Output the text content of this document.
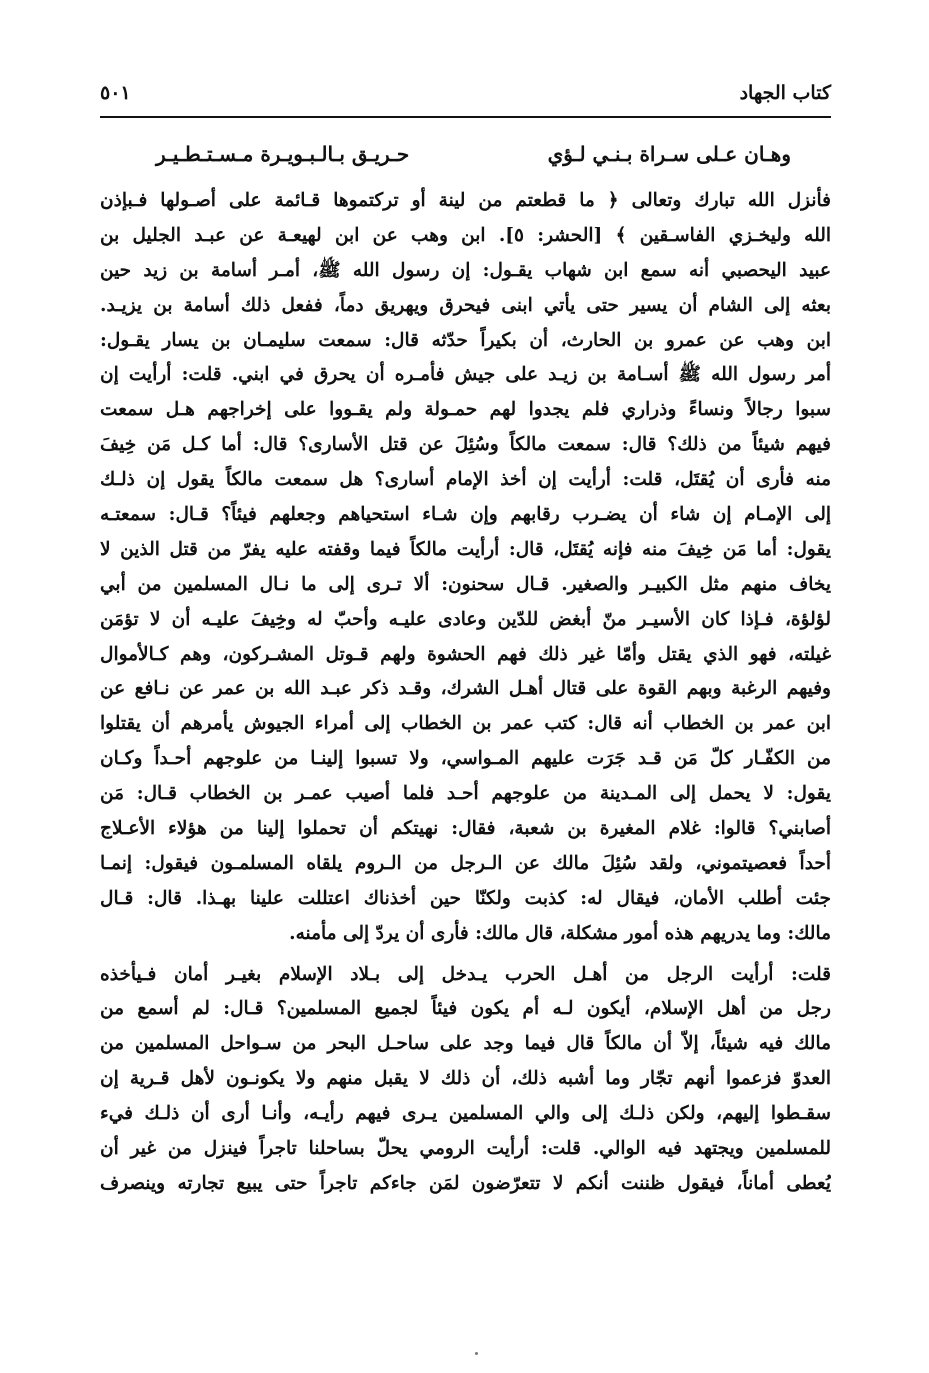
كتاب الجهاد
٥٠١
وهـان عـلى سـراة بـنـي لـؤي
حـريـق بـالـبـويـرة مـسـتـطـيـر
فأنزل الله تبارك وتعالى ﴿ ما قطعتم من لينة أو تركتموها قـائمة على أصـولها فـبإذن
الله وليخـزي الفاسـقين ﴾ [الحشر: ٥]. ابن وهب عن ابن لهيعـة عن عبـد الجليل بن
عبيد اليحصبي أنه سمع ابن شهاب يقـول: إن رسول الله ﷺ، أمـر أسامة بن زيد حين
بعثه إلى الشام أن يسير حتى يأتي ابنى فيحرق ويهريق دماً، ففعل ذلك أسامة بن يزيـد.
ابن وهب عن عمرو بن الحارث، أن بكيراً حدّثه قال: سمعت سليمـان بن يسار يقـول:
أمر رسول الله ﷺ أسـامة بن زيـد على جيش فأمـره أن يحرق في ابني. قلت: أرأيت إن
سبوا رجالاً ونساءً وذراري فلم يجدوا لهم حمـولة ولم يقـووا على إخراجهم هـل سمعت
فيهم شيئاً من ذلك؟ قال: سمعت مالكاً وسُئِلَ عن قتل الأسارى؟ قال: أما كـل مَن خِيفَ
منه فأرى أن يُقتَل، قلت: أرأيت إن أخذ الإمام أسارى؟ هل سمعت مالكاً يقول إن ذلـك
إلى الإمـام إن شاء أن يضـرب رقابهم وإن شـاء استحياهم وجعلهم فيئاً؟ قـال: سمعتـه
يقول: أما مَن خِيفَ منه فإنه يُقتَل، قال: أرأيت مالكاً فيما وقفته عليه يفرّ من قتل الذين لا
يخاف منهم مثل الكبيـر والصغير. قـال سحنون: ألا تـرى إلى ما نـال المسلمين من أبي
لؤلؤة، فـإذا كان الأسيـر منّ أبغض للدّين وعادى عليـه وأحبّ له وخِيفَ عليـه أن لا تؤمَن
غيلته، فهو الذي يقتل وأمّا غير ذلك فهم الحشوة ولهم قـوتل المشـركون، وهم كـالأموال
وفيهم الرغبة وبهم القوة على قتال أهـل الشرك، وقـد ذكر عبـد الله بن عمر عن نـافع عن
ابن عمر بن الخطاب أنه قال: كتب عمر بن الخطاب إلى أمراء الجيوش يأمرهم أن يقتلوا
من الكفّـار كلّ مَن قـد جَرَت عليهم المـواسي، ولا تسبوا إلينـا من علوجهم أحـداً وكـان
يقول: لا يحمل إلى المـدينة من علوجهم أحـد فلما أصيب عمـر بن الخطاب قـال: مَن
أصابني؟ قالوا: غلام المغيرة بن شعبة، فقال: نهيتكم أن تحملوا إلينا من هؤلاء الأعـلاج
أحداً فعصيتموني، ولقد سُئِلَ مالك عن الـرجل من الـروم يلقاه المسلمـون فيقول: إنمـا
جئت أطلب الأمان، فيقال له: كذبت ولكنّا حين أخذناك اعتللت علينا بهـذا. قال: قـال
مالك: وما يدريهم هذه أمور مشكلة، قال مالك: فأرى أن يردّ إلى مأمنه.
قلت: أرأيت الرجل من أهـل الحرب يـدخل إلى بـلاد الإسلام بغيـر أمان فـيأخذه
رجل من أهل الإسلام، أيكون لـه أم يكون فيئاً لجميع المسلمين؟ قـال: لم أسمع من
مالك فيه شيئاً، إلاّ أن مالكاً قال فيما وجد على ساحـل البحر من سـواحل المسلمين من
العدوّ فزعموا أنهم تجّار وما أشبه ذلك، أن ذلك لا يقبل منهم ولا يكونـون لأهل قـرية إن
سقـطوا إليهم، ولكن ذلـك إلى والي المسلمين يـرى فيهم رأيـه، وأنـا أرى أن ذلـك فيء
للمسلمين ويجتهد فيه الوالي. قلت: أرأيت الرومي يحلّ بساحلنا تاجراً فينزل من غير أن
يُعطى أماناً، فيقول ظننت أنكم لا تتعرّضون لمَن جاءكم تاجراً حتى يبيع تجارته وينصرف
